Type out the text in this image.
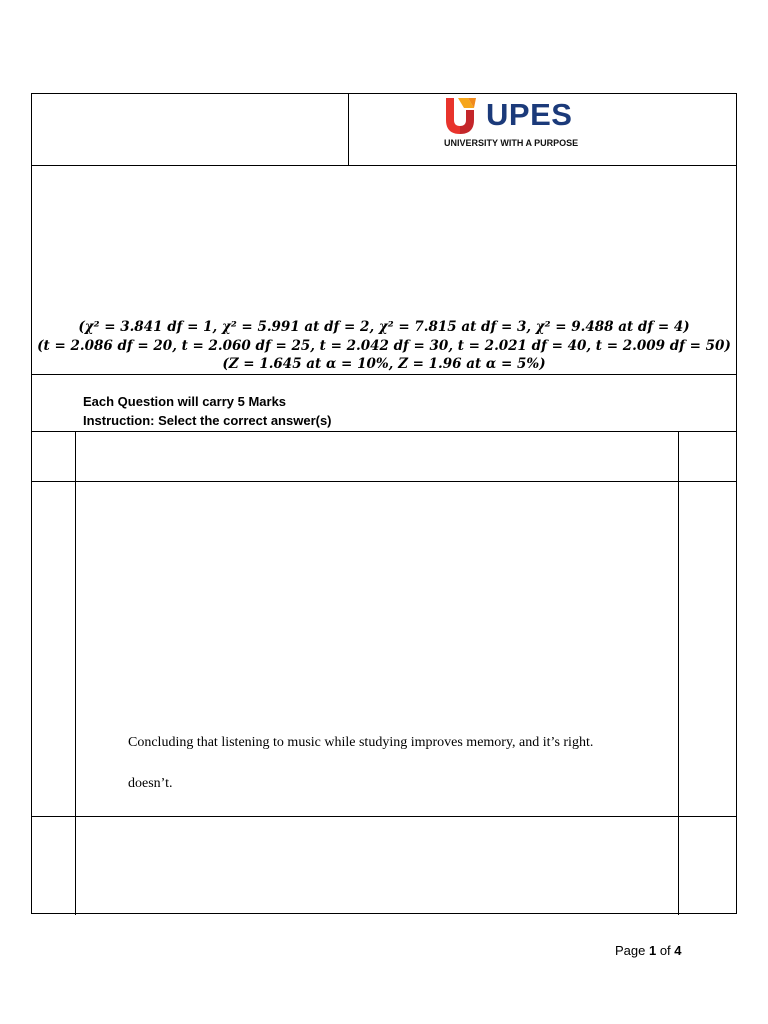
UPES
UNIVERSITY WITH A PURPOSE
(χ² = 3.841 df = 1, χ² = 5.991 at df = 2, χ² = 7.815 at df = 3, χ² = 9.488 at df = 4)
(t = 2.086 df = 20, t = 2.060 df = 25, t = 2.042 df = 30, t = 2.021 df = 40, t = 2.009 df = 50)
(Z = 1.645 at α = 10%, Z = 1.96 at α = 5%)
Each Question will carry 5 Marks
Instruction: Select the correct answer(s)
Concluding that listening to music while studying improves memory, and it’s right.
doesn’t.
Page 1 of 4
